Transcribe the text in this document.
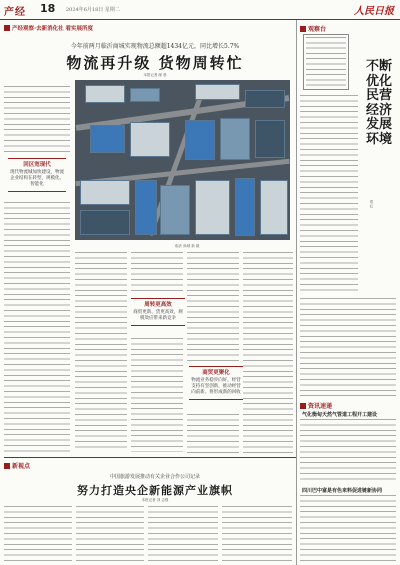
产经 18 2024年6月18日 星期二	人民日报
产经观察·去新消化社 看实展所度
今年前两月临沂商城实现物流总额超1434亿元，同比增长5.7%
物流再升级 货物周转忙
本报记者 邮 晨
回区宽现代
现代物流城加快建设，物流企业结构在转型，规模化、智能化
临沂 商城 新 貌
周转更高效
商贸更新、货更高效，规模效应带来新竞争
商贸更聚化
物流业务稳步向好，经营支持有坚创新，推动经营向前新。将形成新的回收
观察台
不断优化民营经济发展环境
郑 红
资讯速递
气化衡甸天然气管道工程开工建设
四川巴中富是有色来料促进链新协同
新视点
中国旅游发展推动有关企业合作公司记录
努力打造央企新能源产业旗帜
本报记者 刘 志强
